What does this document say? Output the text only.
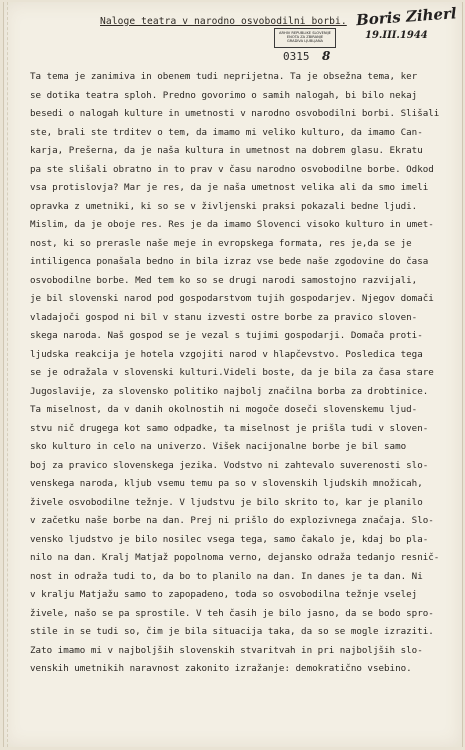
Naloge teatra v narodno osvobodilni borbi. Boris Ziherl
19.III.1944
ARHIV REPUBLIKE SLOVENIJE
ENOTA ZA ZBIRANJE
GRADIVA LJUBLJANA
0315 8
Ta tema je zanimiva in obenem tudi neprijetna. Ta je obsežna tema, ker
se dotika teatra sploh. Predno govorimo o samih nalogah, bi bilo nekaj
besedi o nalogah kulture in umetnosti v narodno osvobodilni borbi. Slišali
ste, brali ste trditev o tem, da imamo mi veliko kulturo, da imamo Can-
karja, Prešerna, da je naša kultura in umetnost na dobrem glasu. Ekratu
pa ste slišali obratno in to prav v času narodno osvobodilne borbe. Odkod
vsa protislovja? Mar je res, da je naša umetnost velika ali da smo imeli
opravka z umetniki, ki so se v življenski praksi pokazali bedne ljudi.
Mislim, da je oboje res. Res je da imamo Slovenci visoko kulturo in umet-
nost, ki so prerasle naše meje in evropskega formata, res je,da se je
intiligenca ponašala bedno in bila izraz vse bede naše zgodovine do časa
osvobodilne borbe. Med tem ko so se drugi narodi samostojno razvijali,
je bil slovenski narod pod gospodarstvom tujih gospodarjev. Njegov domači
vladajoči gospod ni bil v stanu izvesti ostre borbe za pravico sloven-
skega naroda. Naš gospod se je vezal s tujimi gospodarji. Domača proti-
ljudska reakcija je hotela vzgojiti narod v hlapčevstvo. Posledica tega
se je odražala v slovenski kulturi.Videli boste, da je bila za časa stare
Jugoslavije, za slovensko politiko najbolj značilna borba za drobtinice.
Ta miselnost, da v danih okolnostih ni mogoče doseči slovenskemu ljud-
stvu nič drugega kot samo odpadke, ta miselnost je prišla tudi v sloven-
sko kulturo in celo na univerzo. Višek nacijonalne borbe je bil samo
boj za pravico slovenskega jezika. Vodstvo ni zahtevalo suverenosti slo-
venskega naroda, kljub vsemu temu pa so v slovenskih ljudskih množicah,
živele osvobodilne težnje. V ljudstvu je bilo skrito to, kar je planilo
v začetku naše borbe na dan. Prej ni prišlo do explozivnega značaja. Slo-
vensko ljudstvo je bilo nosilec vsega tega, samo čakalo je, kdaj bo pla-
nilo na dan. Kralj Matjaž popolnoma verno, dejansko odraža tedanjo resnič-
nost in odraža tudi to, da bo to planilo na dan. In danes je ta dan. Ni
v kralju Matjažu samo to zapopadeno, toda so osvobodilna težnje vselej
živele, našo se pa sprostile. V teh časih je bilo jasno, da se bodo spro-
stile in se tudi so, čim je bila situacija taka, da so se mogle izraziti.
Zato imamo mi v najboljših slovenskih stvaritvah in pri najboljših slo-
venskih umetnikih naravnost zakonito izražanje: demokratično vsebino.
